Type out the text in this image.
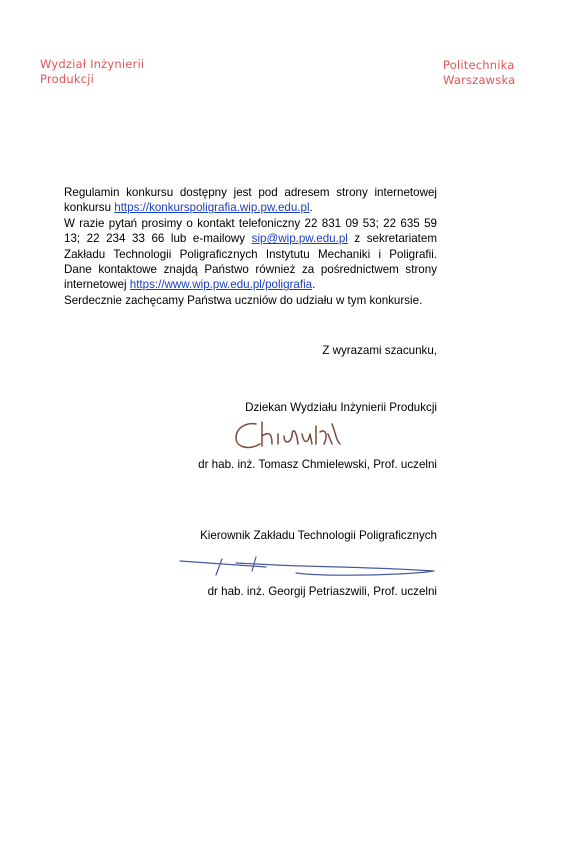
Wydział Inżynierii
Produkcji
Politechnika
Warszawska

Regulamin konkursu dostępny jest pod adresem strony internetowej konkursu https://konkurspoligrafia.wip.pw.edu.pl.

W razie pytań prosimy o kontakt telefoniczny 22 831 09 53; 22 635 59 13; 22 234 33 66 lub e-mailowy sip@wip.pw.edu.pl z sekretariatem Zakładu Technologii Poligraficznych Instytutu Mechaniki i Poligrafii. Dane kontaktowe znajdą Państwo również za pośrednictwem strony internetowej https://www.wip.pw.edu.pl/poligrafia.

Serdecznie zachęcamy Państwa uczniów do udziału w tym konkursie.

Z wyrazami szacunku,
Dziekan Wydziału Inżynierii Produkcji
dr hab. inż. Tomasz Chmielewski, Prof. uczelni
Kierownik Zakładu Technologii Poligraficznych
dr hab. inż. Georgij Petriaszwili, Prof. uczelni
